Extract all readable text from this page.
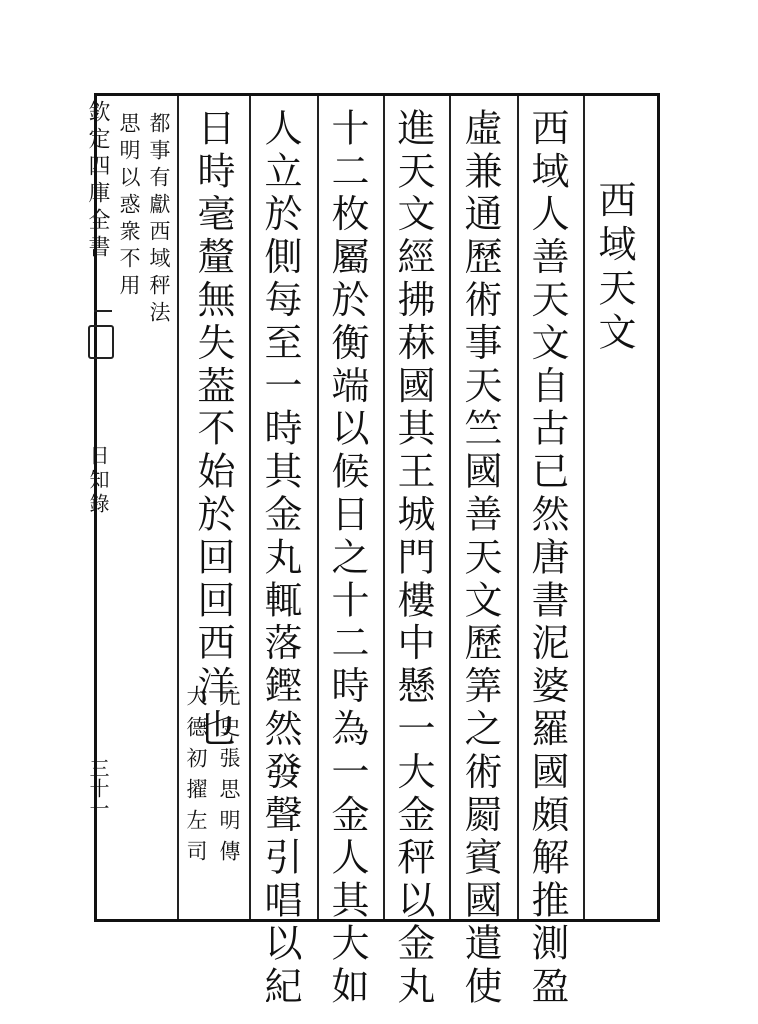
欽定四庫全書
日知錄
三十一
西域天文
西域人善天文自古已然唐書泥婆羅國頗解推測盈
虛兼通歷術事天竺國善天文歷筭之術罽賓國遣使
進天文經拂菻國其王城門樓中懸一大金秤以金丸
十二枚屬於衡端以候日之十二時為一金人其大如
人立於側每至一時其金丸輒落鏗然發聲引唱以紀
日時毫釐無失葢不始於回回西洋也
元史張思明傳
大德初擢左司
都事有獻西域秤法
思明以惑衆不用
